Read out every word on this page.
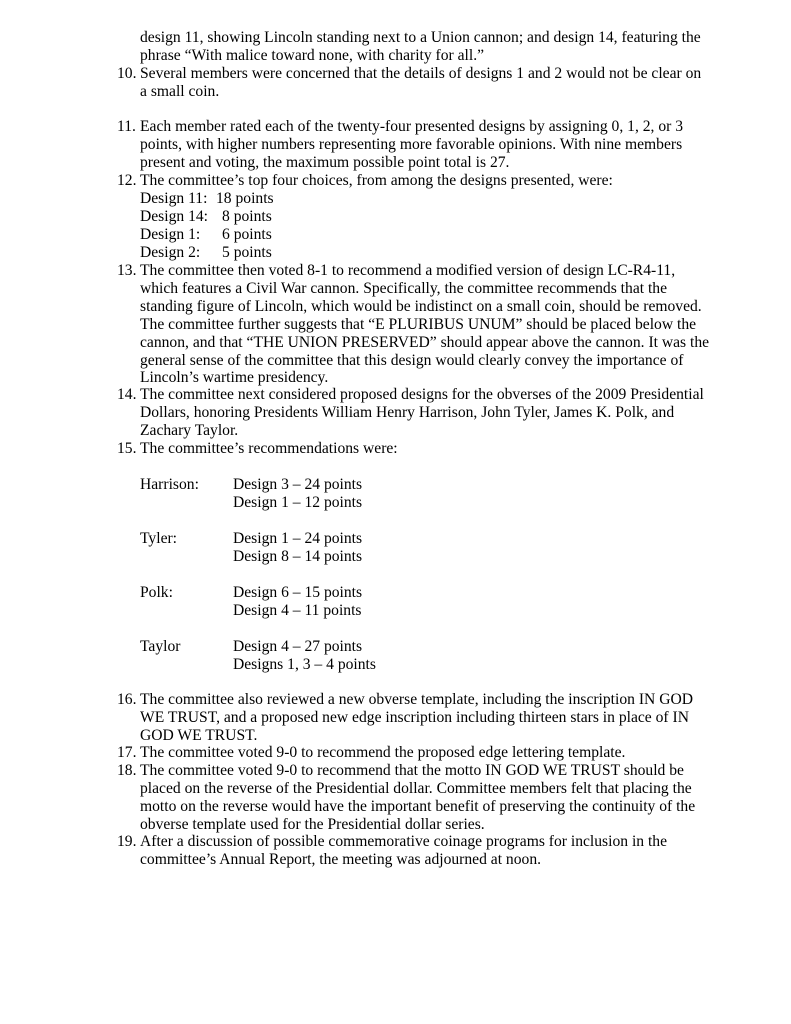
design 11, showing Lincoln standing next to a Union cannon; and design 14, featuring the phrase “With malice toward none, with charity for all.”
10. Several members were concerned that the details of designs 1 and 2 would not be clear on a small coin.
11. Each member rated each of the twenty-four presented designs by assigning 0, 1, 2, or 3 points, with higher numbers representing more favorable opinions. With nine members present and voting, the maximum possible point total is 27.
12. The committee’s top four choices, from among the designs presented, were:
Design 11: 18 points
Design 14: 8 points
Design 1: 6 points
Design 2: 5 points
13. The committee then voted 8-1 to recommend a modified version of design LC-R4-11, which features a Civil War cannon. Specifically, the committee recommends that the standing figure of Lincoln, which would be indistinct on a small coin, should be removed. The committee further suggests that “E PLURIBUS UNUM” should be placed below the cannon, and that “THE UNION PRESERVED” should appear above the cannon. It was the general sense of the committee that this design would clearly convey the importance of Lincoln’s wartime presidency.
14. The committee next considered proposed designs for the obverses of the 2009 Presidential Dollars, honoring Presidents William Henry Harrison, John Tyler, James K. Polk, and Zachary Taylor.
15. The committee’s recommendations were:
Harrison: Design 3 – 24 points
Design 1 – 12 points
Tyler:	Design 1 – 24 points
Design 8 – 14 points
Polk:	Design 6 – 15 points
Design 4 – 11 points
Taylor	Design 4 – 27 points
Designs 1, 3 – 4 points
16. The committee also reviewed a new obverse template, including the inscription IN GOD WE TRUST, and a proposed new edge inscription including thirteen stars in place of IN GOD WE TRUST.
17. The committee voted 9-0 to recommend the proposed edge lettering template.
18. The committee voted 9-0 to recommend that the motto IN GOD WE TRUST should be placed on the reverse of the Presidential dollar. Committee members felt that placing the motto on the reverse would have the important benefit of preserving the continuity of the obverse template used for the Presidential dollar series.
19. After a discussion of possible commemorative coinage programs for inclusion in the committee’s Annual Report, the meeting was adjourned at noon.
